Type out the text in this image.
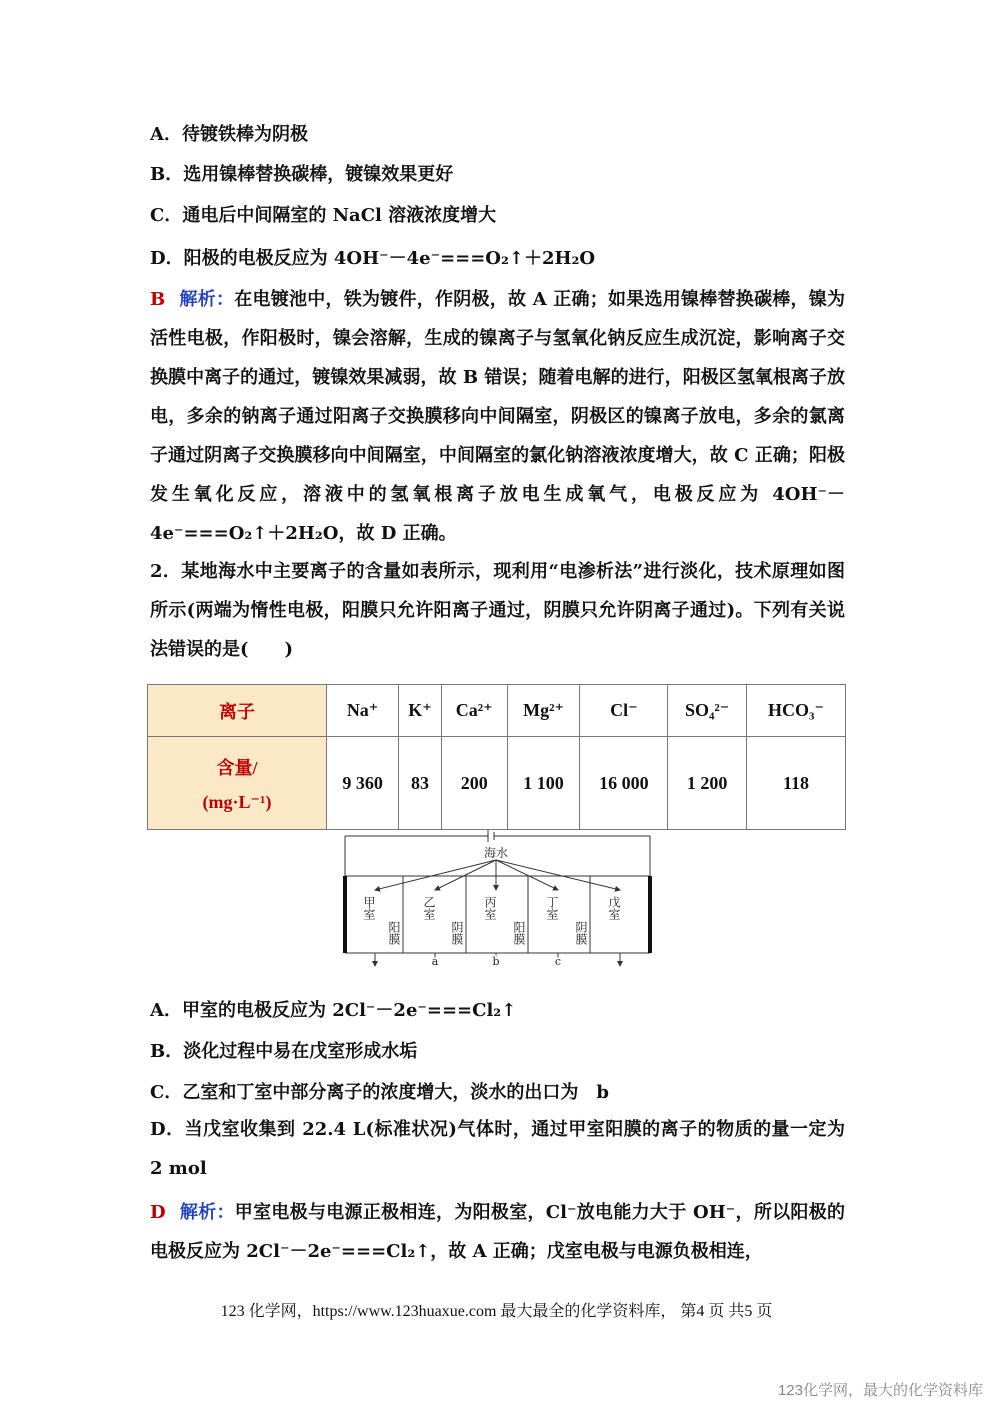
A．待镀铁棒为阴极
B．选用镍棒替换碳棒，镀镍效果更好
C．通电后中间隔室的 NaCl 溶液浓度增大
D．阳极的电极反应为 4OH⁻－4e⁻===O₂↑＋2H₂O
B 解析：在电镀池中，铁为镀件，作阴极，故 A 正确；如果选用镍棒替换碳棒，镍为活性电极，作阳极时，镍会溶解，生成的镍离子与氢氧化钠反应生成沉淀，影响离子交换膜中离子的通过，镀镍效果减弱，故 B 错误；随着电解的进行，阳极区氢氧根离子放电，多余的钠离子通过阳离子交换膜移向中间隔室，阴极区的镍离子放电，多余的氯离子通过阴离子交换膜移向中间隔室，中间隔室的氯化钠溶液浓度增大，故 C 正确；阳极发生氧化反应，溶液中的氢氧根离子放电生成氧气，电极反应为 4OH⁻－4e⁻===O₂↑＋2H₂O，故 D 正确。
2．某地海水中主要离子的含量如表所示，现利用“电渗析法”进行淡化，技术原理如图所示(两端为惰性电极，阳膜只允许阳离子通过，阴膜只允许阴离子通过)。下列有关说法错误的是(　　)
离子	Na⁺	K⁺	Ca²⁺	Mg²⁺	Cl⁻	SO₄²⁻	HCO₃⁻

含量/
(mg·L⁻¹)	9 360	83	200	1 100	16 000	1 200	118
海水
甲室	乙室	丙室	丁室	戊室
阳膜	阴膜	阳膜	阴膜
a	b	c
A．甲室的电极反应为 2Cl⁻－2e⁻===Cl₂↑
B．淡化过程中易在戊室形成水垢
C．乙室和丁室中部分离子的浓度增大，淡水的出口为　b
D．当戊室收集到 22.4 L(标准状况)气体时，通过甲室阳膜的离子的物质的量一定为 2 mol
D 解析：甲室电极与电源正极相连，为阳极室，Cl⁻放电能力大于 OH⁻，所以阳极的电极反应为 2Cl⁻－2e⁻===Cl₂↑，故 A 正确；戊室电极与电源负极相连，
123 化学网，https://www.123huaxue.com 最大最全的化学资料库， 第4 页 共5 页
123化学网，最大的化学资料库
